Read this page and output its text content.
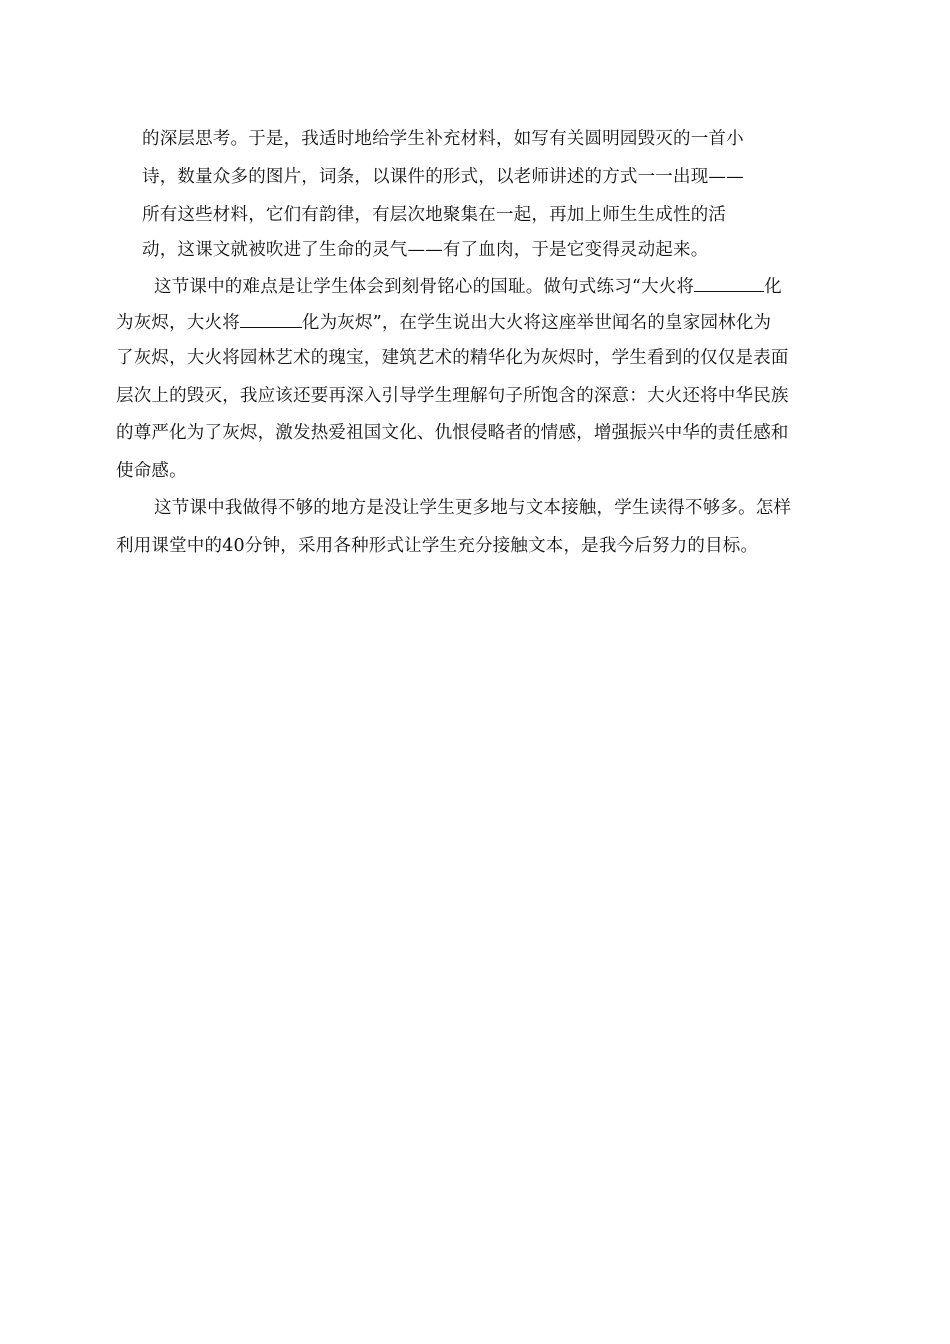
的深层思考。于是，我适时地给学生补充材料，如写有关圆明园毁灭的一首小
诗，数量众多的图片，词条，以课件的形式，以老师讲述的方式一一出现——
所有这些材料，它们有韵律，有层次地聚集在一起，再加上师生生成性的活
动，这课文就被吹进了生命的灵气——有了血肉，于是它变得灵动起来。
这节课中的难点是让学生体会到刻骨铭心的国耻。做句式练习“大火将	化
为灰烬，大火将	化为灰烬”，在学生说出大火将这座举世闻名的皇家园林化为
了灰烬，大火将园林艺术的瑰宝，建筑艺术的精华化为灰烬时，学生看到的仅仅是表面
层次上的毁灭，我应该还要再深入引导学生理解句子所饱含的深意：大火还将中华民族
的尊严化为了灰烬，激发热爱祖国文化、仇恨侵略者的情感，增强振兴中华的责任感和
使命感。
这节课中我做得不够的地方是没让学生更多地与文本接触，学生读得不够多。怎样
利用课堂中的40分钟，采用各种形式让学生充分接触文本，是我今后努力的目标。
